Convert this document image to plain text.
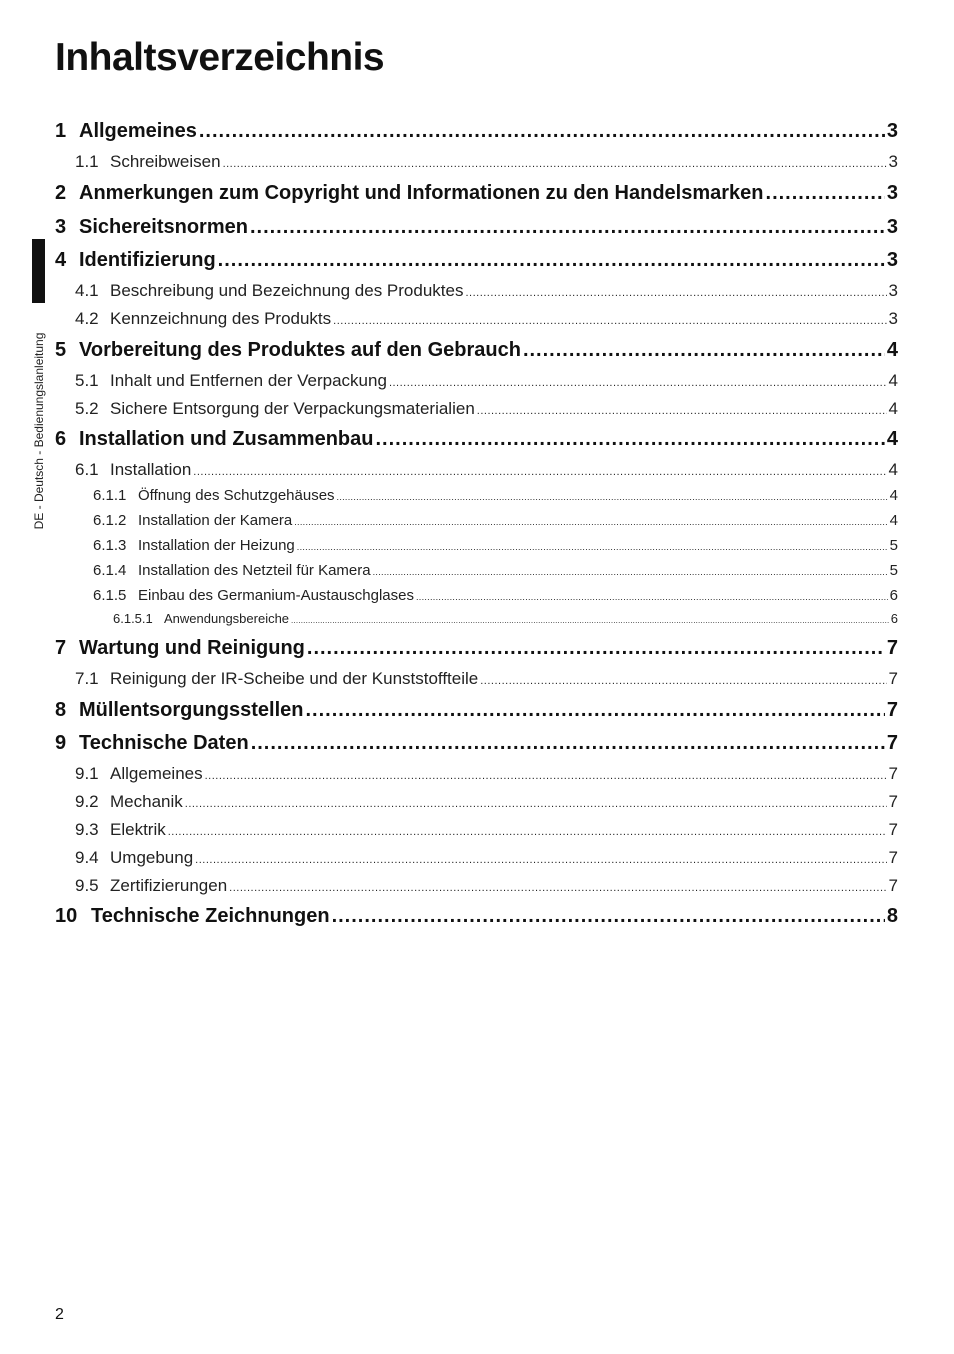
Inhaltsverzeichnis
DE - Deutsch - Bedienungslanleitung
1 Allgemeines .....	3
1.1 Schreibweisen .....	3
2 Anmerkungen zum Copyright und Informationen zu den Handelsmarken .....	3
3 Sichereitsnormen .....	3
4 Identifizierung .....	3
4.1 Beschreibung und Bezeichnung des Produktes .....	3
4.2 Kennzeichnung des Produkts .....	3
5 Vorbereitung des Produktes auf den Gebrauch .....	4
5.1 Inhalt und Entfernen der Verpackung .....	4
5.2 Sichere Entsorgung der Verpackungsmaterialien .....	4
6 Installation und Zusammenbau .....	4
6.1 Installation .....	4
6.1.1 Öffnung des Schutzgehäuses .....	4
6.1.2 Installation der Kamera .....	4
6.1.3 Installation der Heizung .....	5
6.1.4 Installation des Netzteil für Kamera .....	5
6.1.5 Einbau des Germanium-Austauschglases .....	6
6.1.5.1 Anwendungsbereiche .....	6
7 Wartung und Reinigung .....	7
7.1 Reinigung der IR-Scheibe und der Kunststoffteile .....	7
8 Müllentsorgungsstellen .....	7
9 Technische Daten .....	7
9.1 Allgemeines .....	7
9.2 Mechanik .....	7
9.3 Elektrik .....	7
9.4 Umgebung .....	7
9.5 Zertifizierungen .....	7
10 Technische Zeichnungen .....	8
2
